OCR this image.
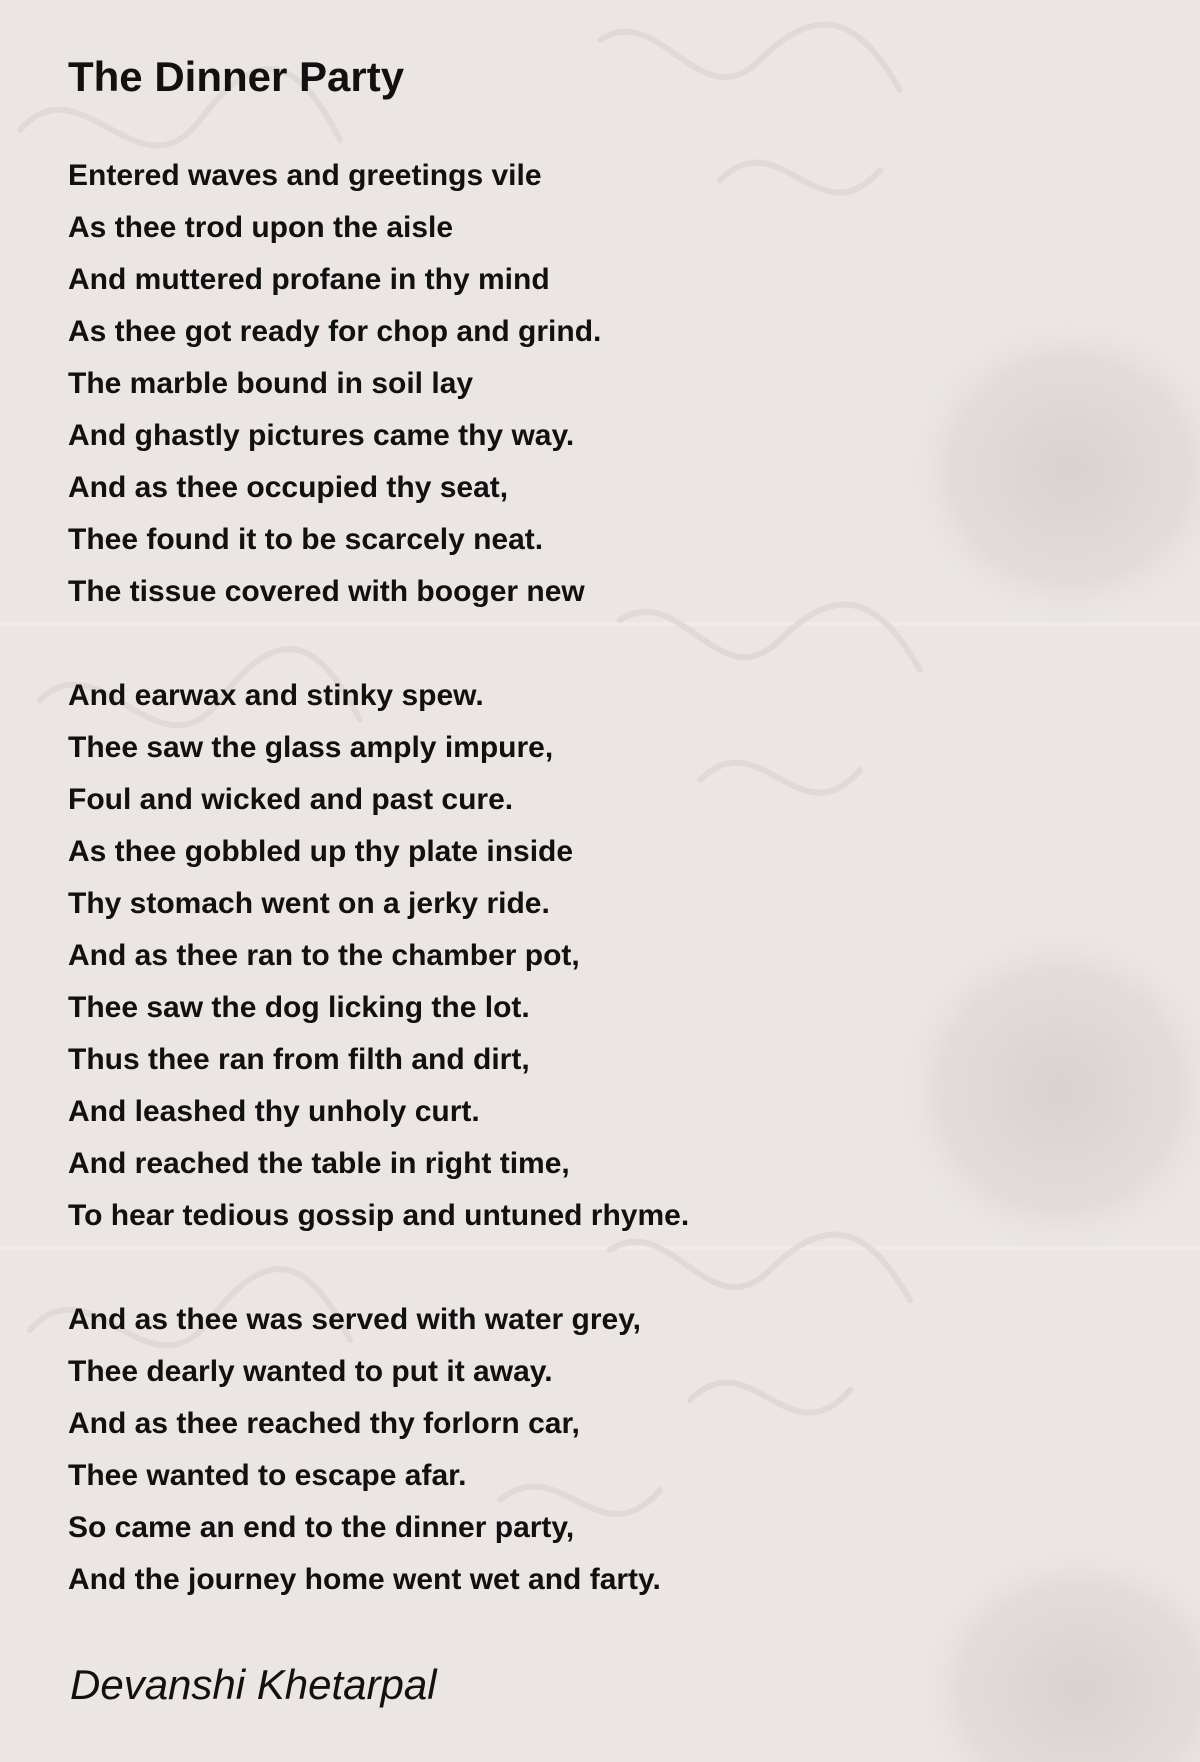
The Dinner Party
Entered waves and greetings vile
As thee trod upon the aisle
And muttered profane in thy mind
As thee got ready for chop and grind.
The marble bound in soil lay
And ghastly pictures came thy way.
And as thee occupied thy seat,
Thee found it to be scarcely neat.
The tissue covered with booger new
And earwax and stinky spew.
Thee saw the glass amply impure,
Foul and wicked and past cure.
As thee gobbled up thy plate inside
Thy stomach went on a jerky ride.
And as thee ran to the chamber pot,
Thee saw the dog licking the lot.
Thus thee ran from filth and dirt,
And leashed thy unholy curt.
And reached the table in right time,
To hear tedious gossip and untuned rhyme.
And as thee was served with water grey,
Thee dearly wanted to put it away.
And as thee reached thy forlorn car,
Thee wanted to escape afar.
So came an end to the dinner party,
And the journey home went wet and farty.

Devanshi Khetarpal
